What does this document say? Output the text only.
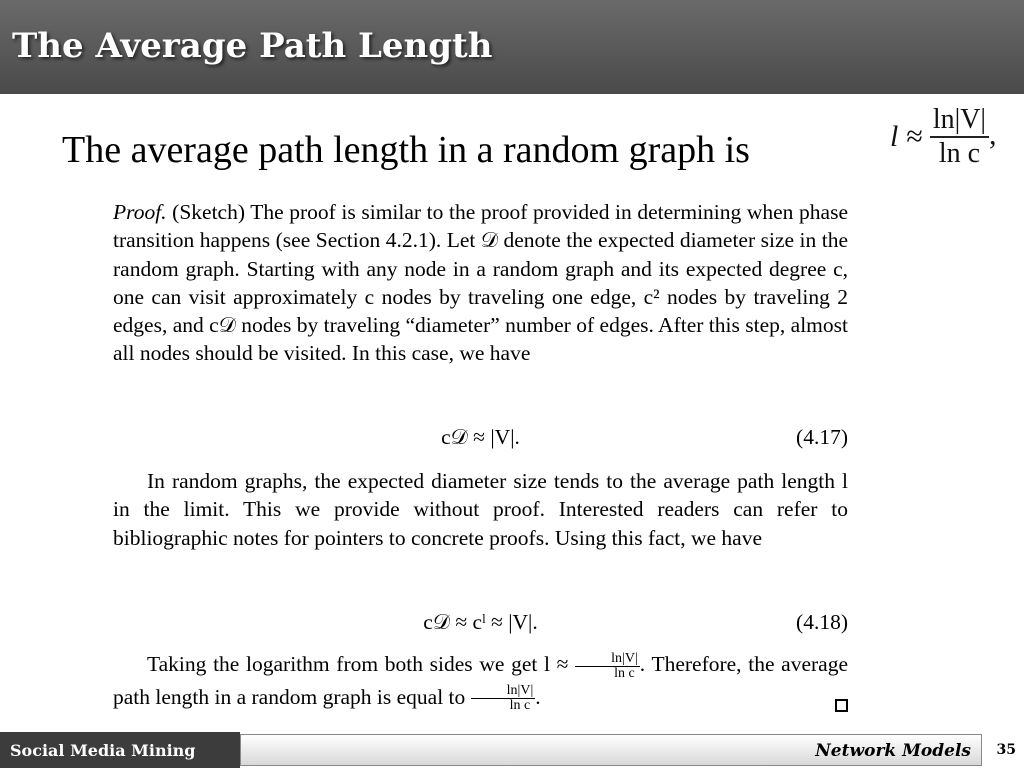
The Average Path Length
The average path length in a random graph is	$l \approx \frac{\ln|V|}{\text{ln c}}$ ,

Proof. (Sketch) The proof is similar to the proof provided in determining when phase transition happens (see Section 4.2.1). Let 𝒟 denote the expected diameter size in the random graph. Starting with any node in a random graph and its expected degree c, one can visit approximately c nodes by traveling one edge, c² nodes by traveling 2 edges, and c𝒟 nodes by traveling “diameter” number of edges. After this step, almost all nodes should be visited. In this case, we have

c𝒟 ≈ |V|.	(4.17)

In random graphs, the expected diameter size tends to the average path length l in the limit. This we provide without proof. Interested readers can refer to bibliographic notes for pointers to concrete proofs. Using this fact, we have

c𝒟 ≈ cˡ ≈ |V|.	(4.18)

Taking the logarithm from both sides we get $l \approx \frac{\ln|V|}{\text{ln c}}$ . Therefore, the average path length in a random graph is equal to $\frac{\ln|V|}{\text{ln c}}$ .

Social Media Mining	Network Models 35
